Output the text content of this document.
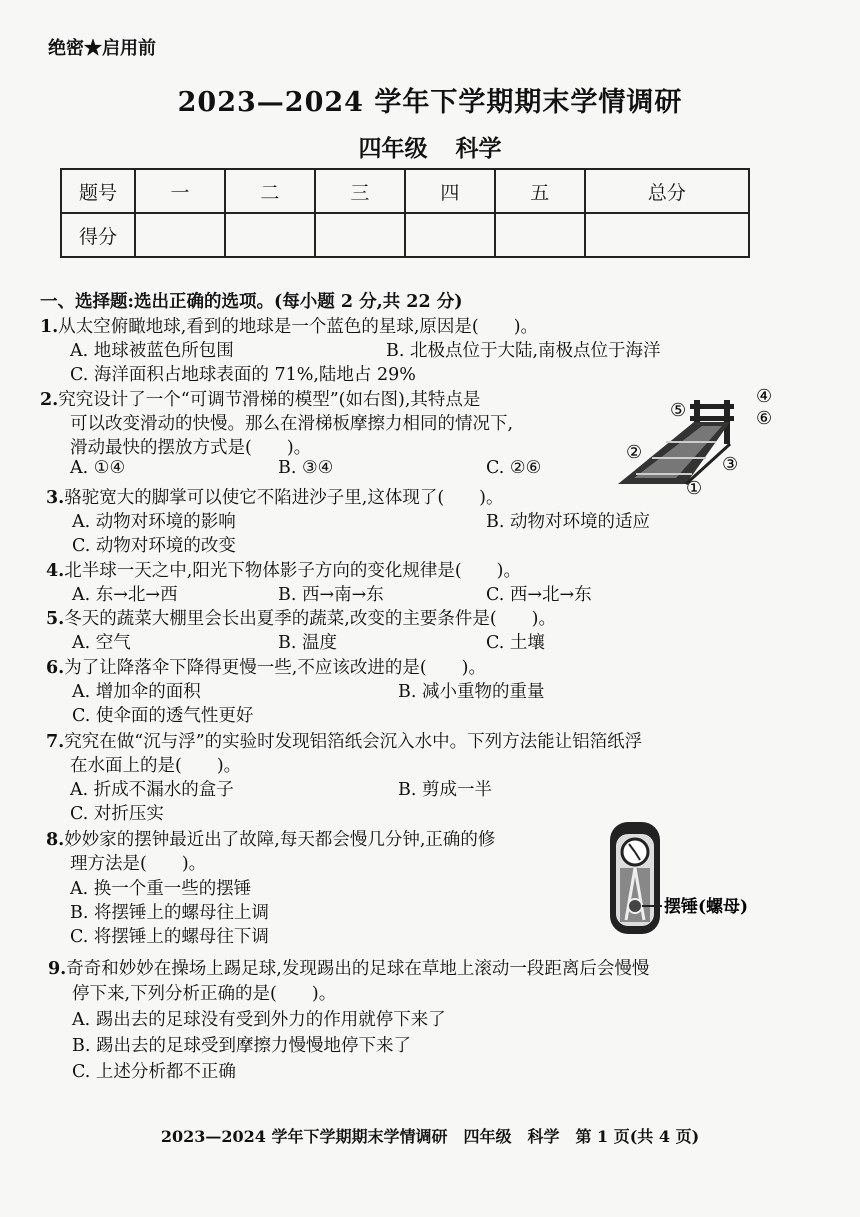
绝密★启用前
2023—2024 学年下学期期末学情调研
四年级 科学
题号	一	二	三	四	五	总分
得分						
一、选择题:选出正确的选项。(每小题 2 分,共 22 分)
1.从太空俯瞰地球,看到的地球是一个蓝色的星球,原因是(　　)。
A. 地球被蓝色所包围	B. 北极点位于大陆,南极点位于海洋
C. 海洋面积占地球表面的 71%,陆地占 29%
2.究究设计了一个“可调节滑梯的模型”(如右图),其特点是
可以改变滑动的快慢。那么在滑梯板摩擦力相同的情况下,
滑动最快的摆放方式是(　　)。
A. ①④	B. ③④	C. ②⑥
⑤
④
⑥
②
③
①
3.骆驼宽大的脚掌可以使它不陷进沙子里,这体现了(　　)。
A. 动物对环境的影响	B. 动物对环境的适应
C. 动物对环境的改变
4.北半球一天之中,阳光下物体影子方向的变化规律是(　　)。
A. 东→北→西	B. 西→南→东	C. 西→北→东
5.冬天的蔬菜大棚里会长出夏季的蔬菜,改变的主要条件是(　　)。
A. 空气	B. 温度	C. 土壤
6.为了让降落伞下降得更慢一些,不应该改进的是(　　)。
A. 增加伞的面积	B. 减小重物的重量
C. 使伞面的透气性更好
7.究究在做“沉与浮”的实验时发现铝箔纸会沉入水中。下列方法能让铝箔纸浮
在水面上的是(　　)。
A. 折成不漏水的盒子	B. 剪成一半
C. 对折压实
8.妙妙家的摆钟最近出了故障,每天都会慢几分钟,正确的修
理方法是(　　)。
A. 换一个重一些的摆锤
B. 将摆锤上的螺母往上调
C. 将摆锤上的螺母往下调
摆锤(螺母)
9.奇奇和妙妙在操场上踢足球,发现踢出的足球在草地上滚动一段距离后会慢慢
停下来,下列分析正确的是(　　)。
A. 踢出去的足球没有受到外力的作用就停下来了
B. 踢出去的足球受到摩擦力慢慢地停下来了
C. 上述分析都不正确
2023—2024 学年下学期期末学情调研　四年级　科学　第 1 页(共 4 页)
